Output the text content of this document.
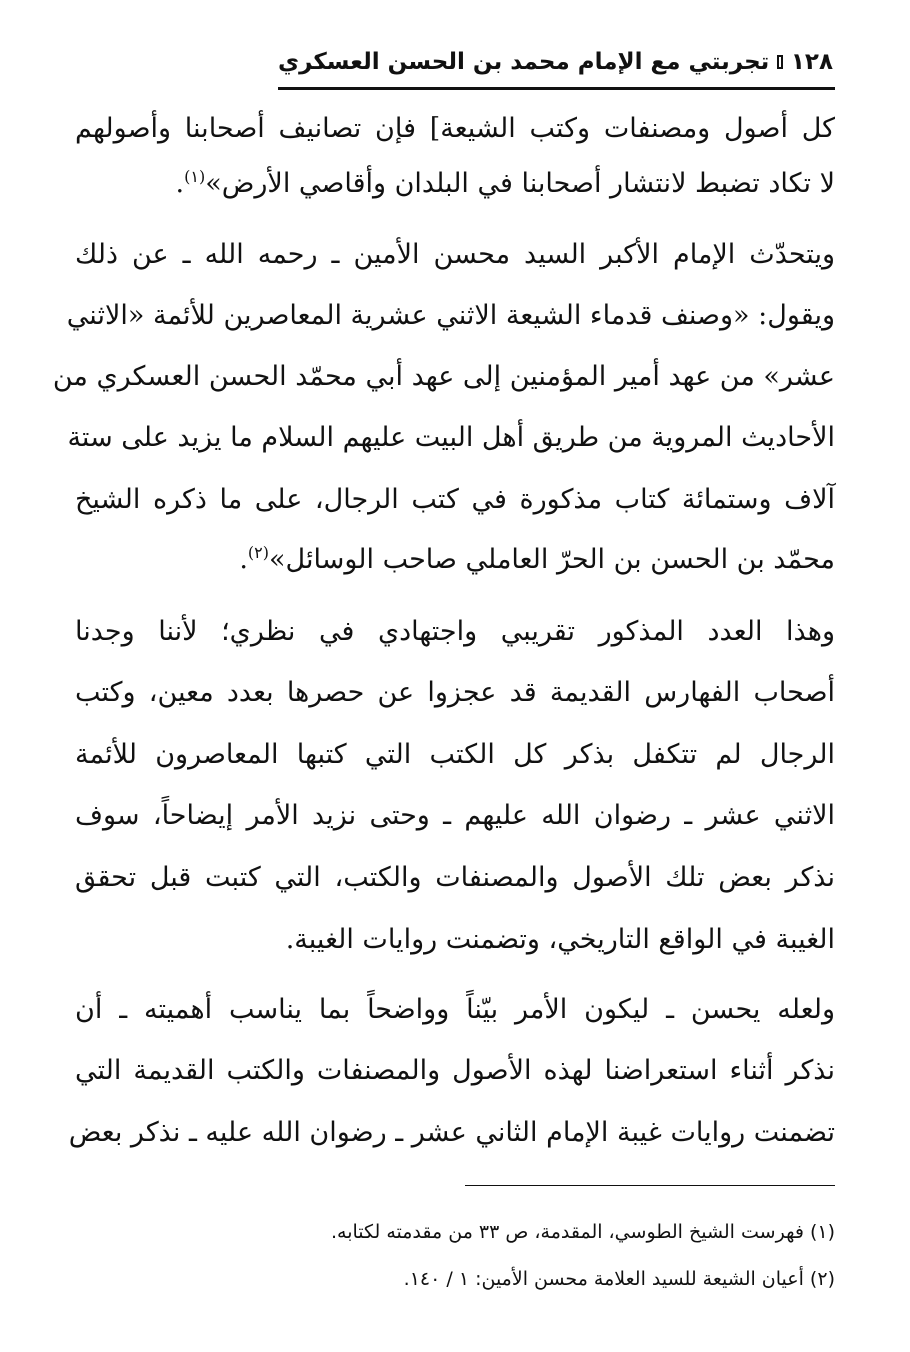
١٢٨
تجربتي مع الإمام محمد بن الحسن العسكري
كل أصول ومصنفات وكتب الشيعة] فإن تصانيف أصحابنا وأصولهم
لا تكاد تضبط لانتشار أصحابنا في البلدان وأقاصي الأرض»$^{(١)}$.
ويتحدّث الإمام الأكبر السيد محسن الأمين ـ رحمه الله ـ عن ذلك
ويقول: «وصنف قدماء الشيعة الاثني عشرية المعاصرين للأئمة «الاثني
عشر» من عهد أمير المؤمنين إلى عهد أبي محمّد الحسن العسكري من
الأحاديث المروية من طريق أهل البيت عليهم السلام ما يزيد على ستة
آلاف وستمائة كتاب مذكورة في كتب الرجال، على ما ذكره الشيخ
محمّد بن الحسن بن الحرّ العاملي صاحب الوسائل»$^{(٢)}$.
وهذا العدد المذكور تقريبي واجتهادي في نظري؛ لأننا وجدنا
أصحاب الفهارس القديمة قد عجزوا عن حصرها بعدد معين، وكتب
الرجال لم تتكفل بذكر كل الكتب التي كتبها المعاصرون للأئمة
الاثني عشر ـ رضوان الله عليهم ـ وحتى نزيد الأمر إيضاحاً، سوف
نذكر بعض تلك الأصول والمصنفات والكتب، التي كتبت قبل تحقق
الغيبة في الواقع التاريخي، وتضمنت روايات الغيبة.
ولعله يحسن ـ ليكون الأمر بيّناً وواضحاً بما يناسب أهميته ـ أن
نذكر أثناء استعراضنا لهذه الأصول والمصنفات والكتب القديمة التي
تضمنت روايات غيبة الإمام الثاني عشر ـ رضوان الله عليه ـ نذكر بعض
(١) فهرست الشيخ الطوسي، المقدمة، ص ٣٣ من مقدمته لكتابه.
(٢) أعيان الشيعة للسيد العلامة محسن الأمين: ١ / ١٤٠.
